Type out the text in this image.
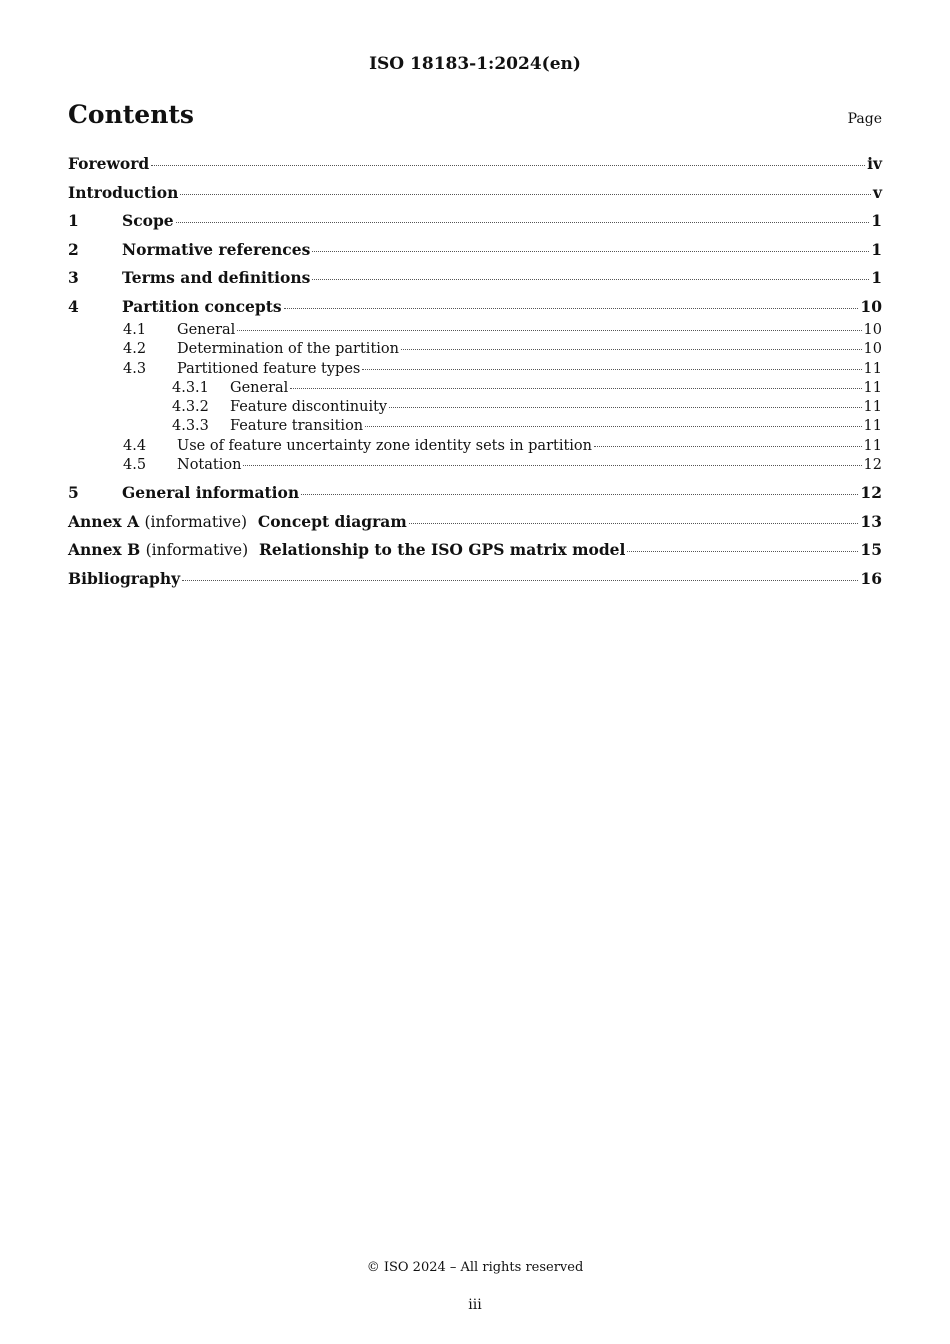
ISO 18183-1:2024(en)
Contents	Page
Foreword	iv
Introduction	v
1	Scope	1
2	Normative references	1
3	Terms and definitions	1
4	Partition concepts	10
4.1	General	10
4.2	Determination of the partition	10
4.3	Partitioned feature types	11
4.3.1	General	11
4.3.2	Feature discontinuity	11
4.3.3	Feature transition	11
4.4	Use of feature uncertainty zone identity sets in partition	11
4.5	Notation	12
5	General information	12
Annex A (informative) Concept diagram	13
Annex B (informative) Relationship to the ISO GPS matrix model	15
Bibliography	16
© ISO 2024 – All rights reserved
iii
